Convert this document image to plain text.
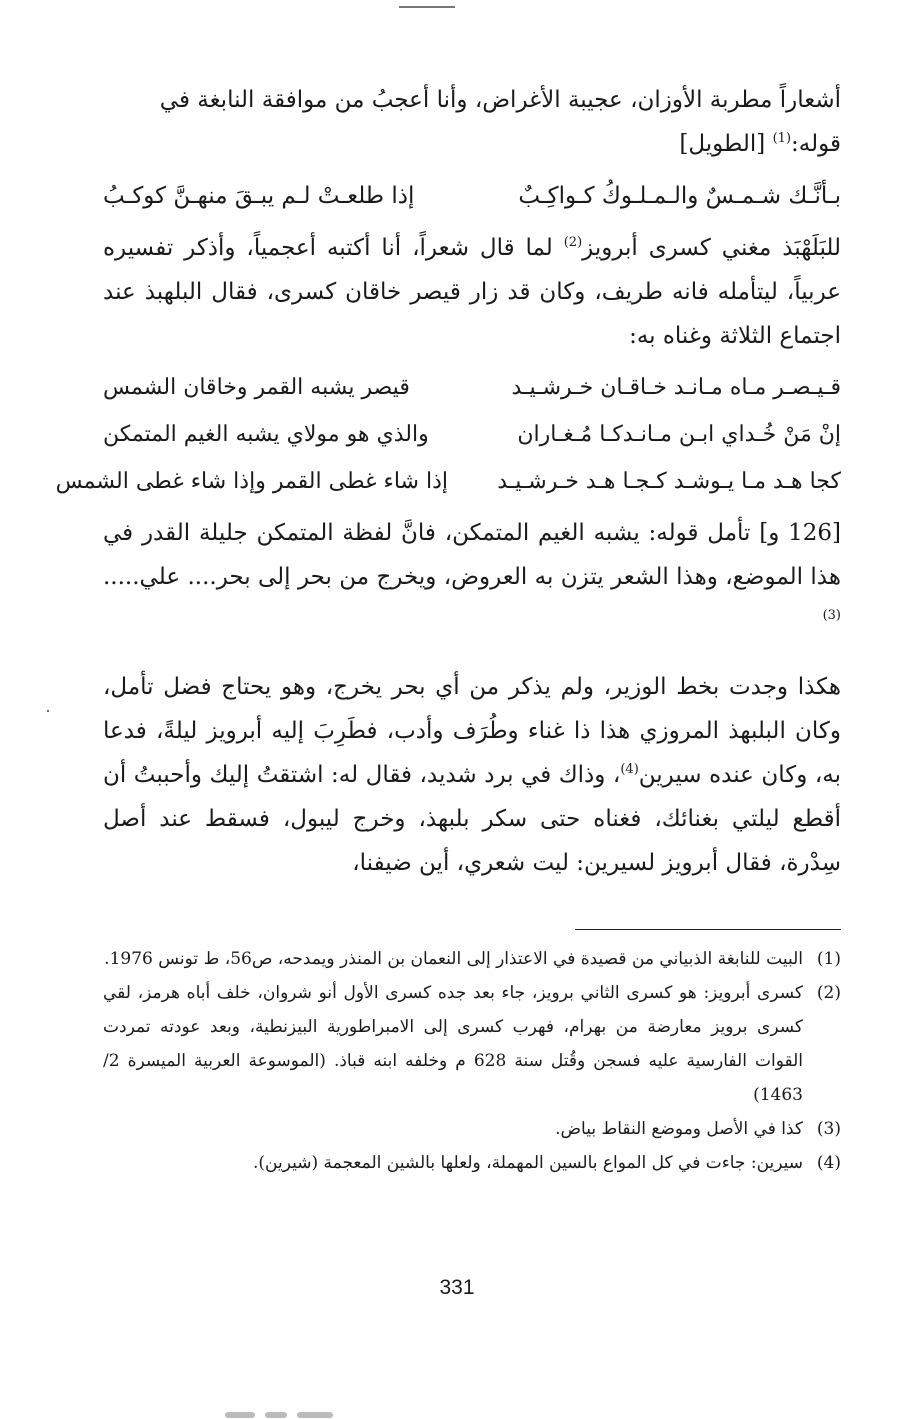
أشعاراً مطربة الأوزان، عجيبة الأغراض، وأنا أعجبُ من موافقة النابغة في
قوله:$^{(1)}$ [الطويل]

بـأنَّـك شـمـسٌ والـمـلـوكُ كـواكِـبٌ
إذا طلعـتْ لـم يبـقَ منهـنَّ كوكـبُ

للبَلَهْبَذ مغني كسرى أبرويز$^{(2)}$ لما قال شعراً، أنا أكتبه أعجمياً، وأذكر تفسيره عربياً، ليتأمله فانه طريف، وكان قد زار قيصر خاقان كسرى، فقال البلهبذ عند اجتماع الثلاثة وغناه به:

قـيـصـر مـاه مـانـد خـاقـان خـرشـيـد
قيصر يشبه القمر وخاقان الشمس
إنْ مَنْ خُـداي ابـن مـانـدكـا مُـغـاران
والذي هو مولاي يشبه الغيم المتمكن
كجا هـد مـا يـوشـد كـجـا هـد خـرشـيـد
إذا شاء غطى القمر وإذا شاء غطى الشمس

[126 و] تأمل قوله: يشبه الغيم المتمكن، فانَّ لفظة المتمكن جليلة القدر في هذا الموضع، وهذا الشعر يتزن به العروض، ويخرج من بحر إلى بحر.... علي.....$^{(3)}$

هكذا وجدت بخط الوزير، ولم يذكر من أي بحر يخرج، وهو يحتاج فضل تأمل، وكان البلبهذ المروزي هذا ذا غناء وطُرَف وأدب، فطَرِبَ إليه أبرويز ليلةً، فدعا به، وكان عنده سيرين$^{(4)}$، وذاك في برد شديد، فقال له: اشتقتُ إليك وأحببتُ أن أقطع ليلتي بغنائك، فغناه حتى سكر بلبهذ، وخرج ليبول، فسقط عند أصل سِدْرة، فقال أبرويز لسيرين: ليت شعري، أين ضيفنا،

(1)
البيت للنابغة الذبياني من قصيدة في الاعتذار إلى النعمان بن المنذر ويمدحه، ص56، ط تونس 1976.
(2)
كسرى أبرويز: هو كسرى الثاني برويز، جاء بعد جده كسرى الأول أنو شروان، خلف أباه هرمز، لقي كسرى برويز معارضة من بهرام، فهرب كسرى إلى الامبراطورية البيزنطية، وبعد عودته تمردت القوات الفارسية عليه فسجن وقُتل سنة 628 م وخلفه ابنه قباذ. (الموسوعة العربية الميسرة 2/ 1463)
(3)
كذا في الأصل وموضع النقاط بياض.
(4)
سيرين: جاءت في كل المواع بالسين المهملة، ولعلها بالشين المعجمة (شيرين).
331
